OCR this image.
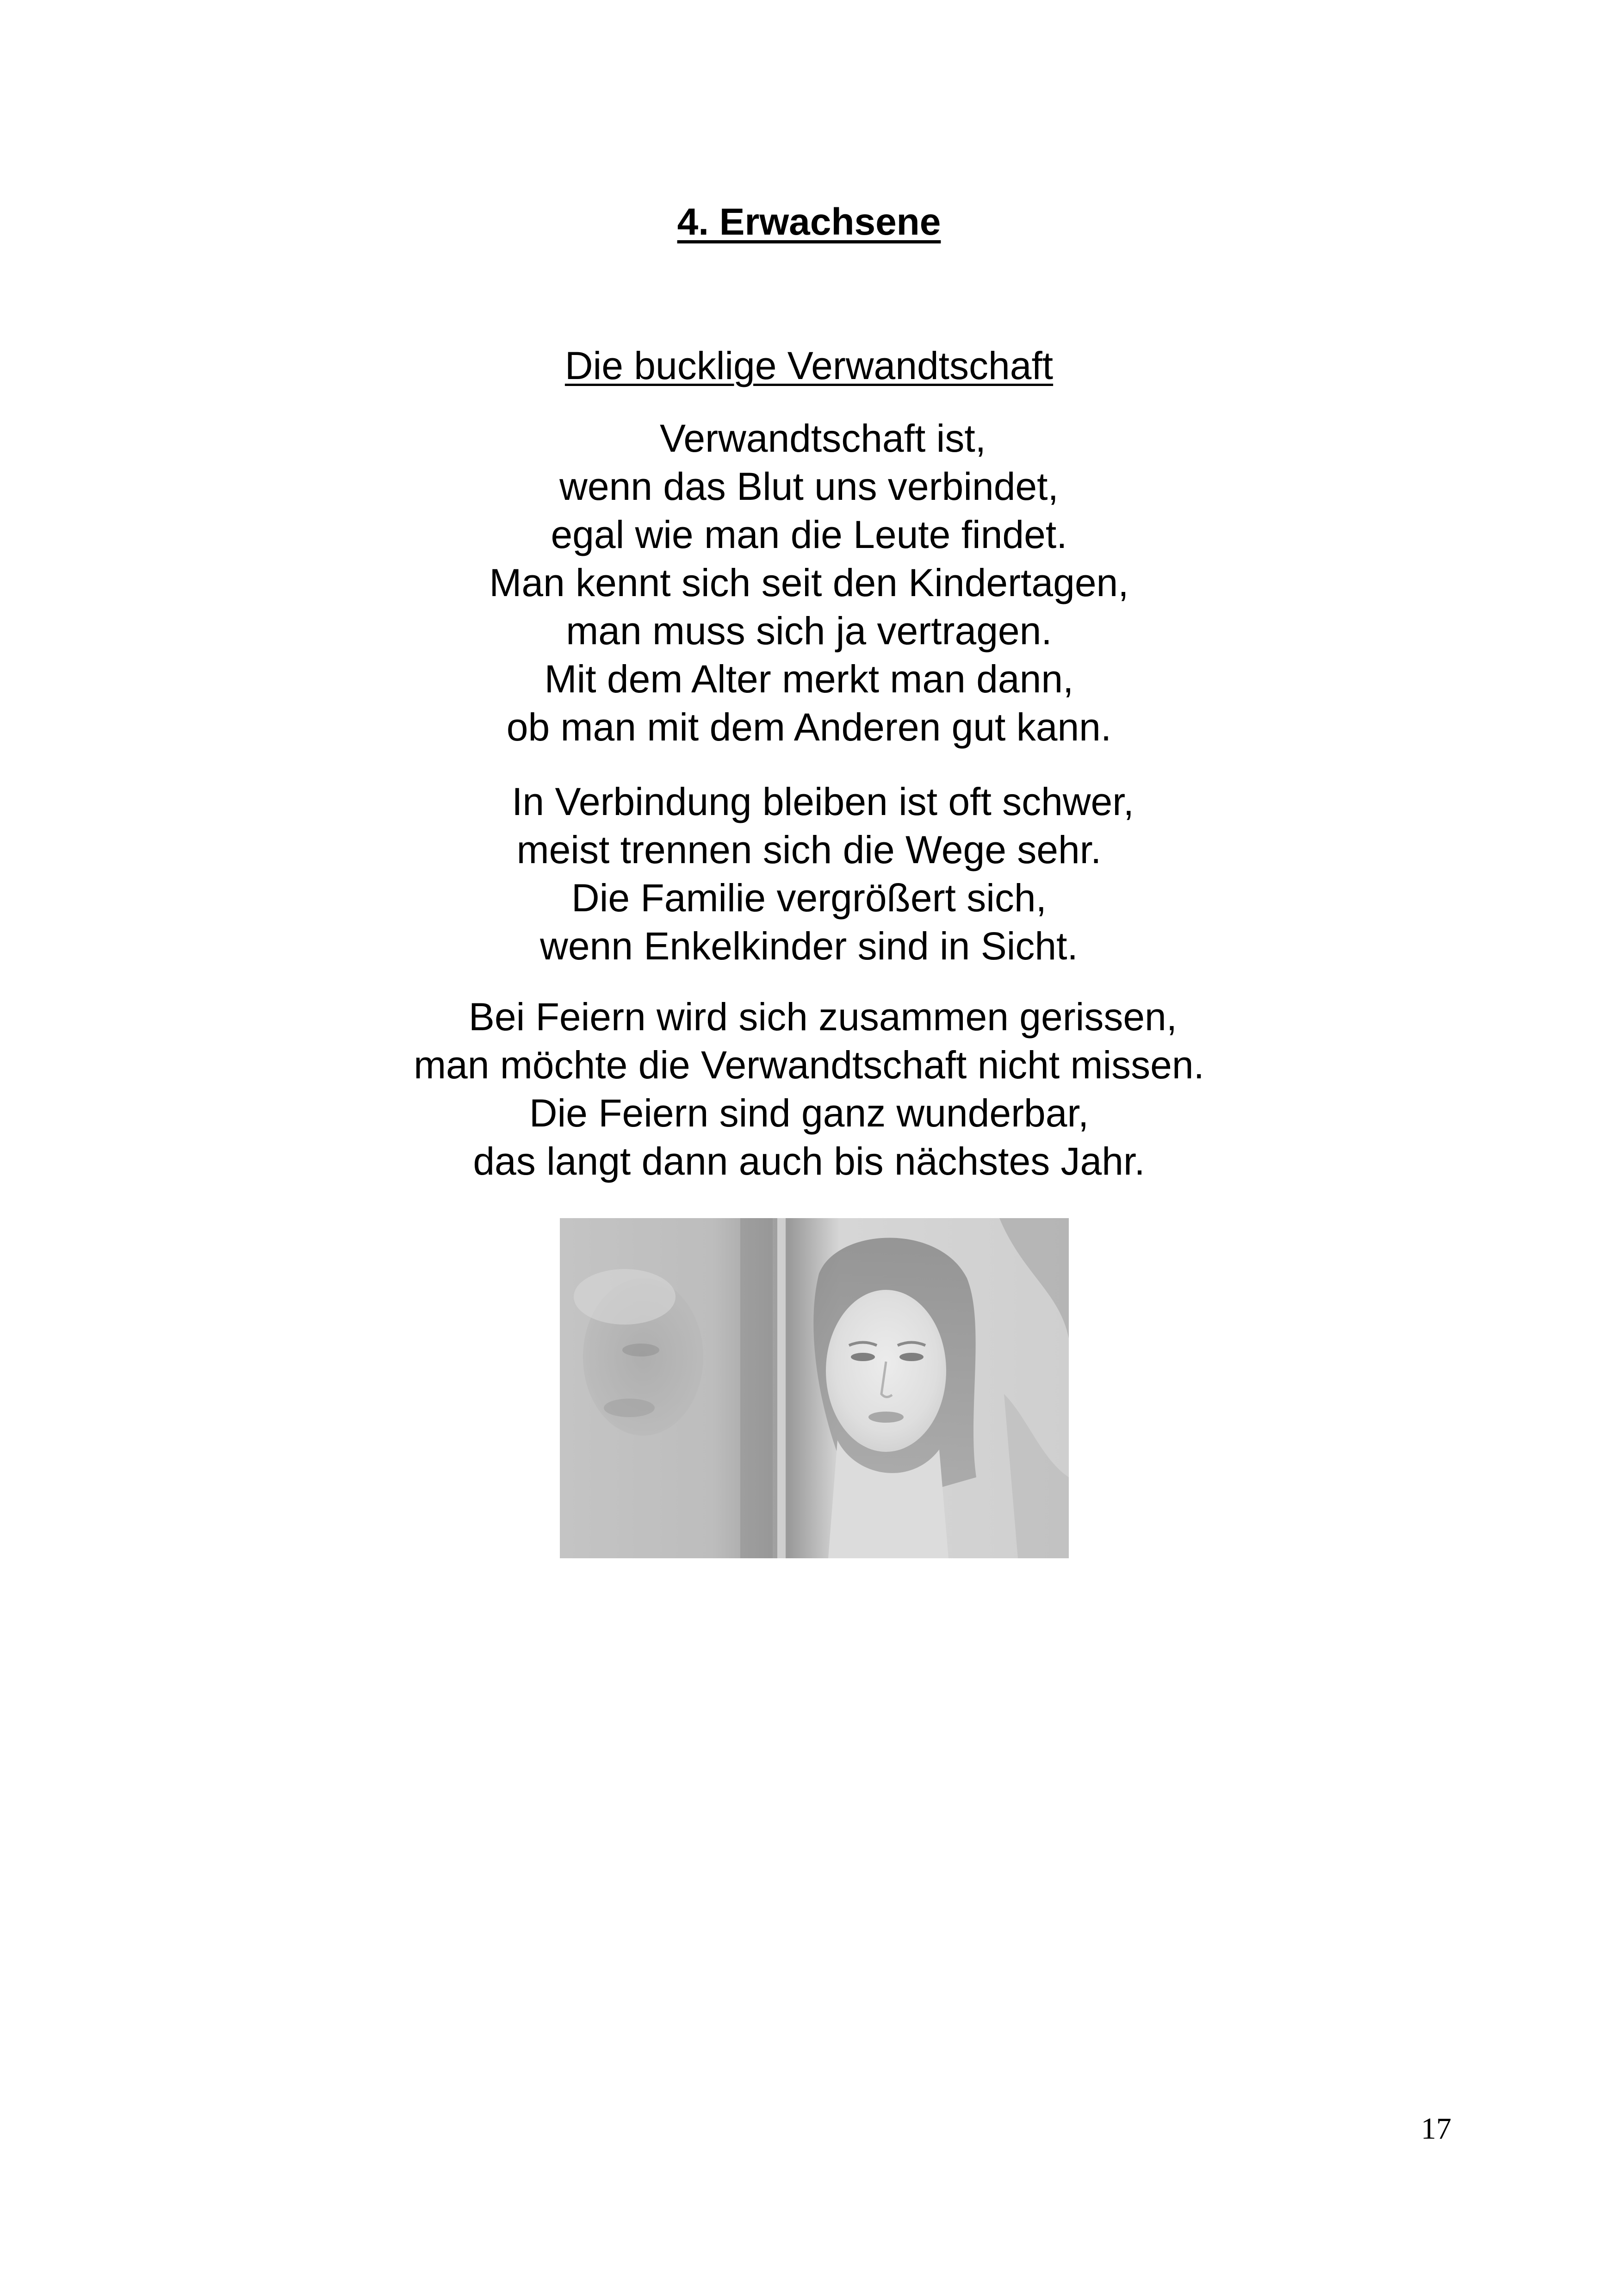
4. Erwachsene
Die bucklige Verwandtschaft
Verwandtschaft ist,
wenn das Blut uns verbindet,
egal wie man die Leute findet.
Man kennt sich seit den Kindertagen,
man muss sich ja vertragen.
Mit dem Alter merkt man dann,
ob man mit dem Anderen gut kann.
In Verbindung bleiben ist oft schwer,
meist trennen sich die Wege sehr.
Die Familie vergrößert sich,
wenn Enkelkinder sind in Sicht.
Bei Feiern wird sich zusammen gerissen,
man möchte die Verwandtschaft nicht missen.
Die Feiern sind ganz wunderbar,
das langt dann auch bis nächstes Jahr.
17
